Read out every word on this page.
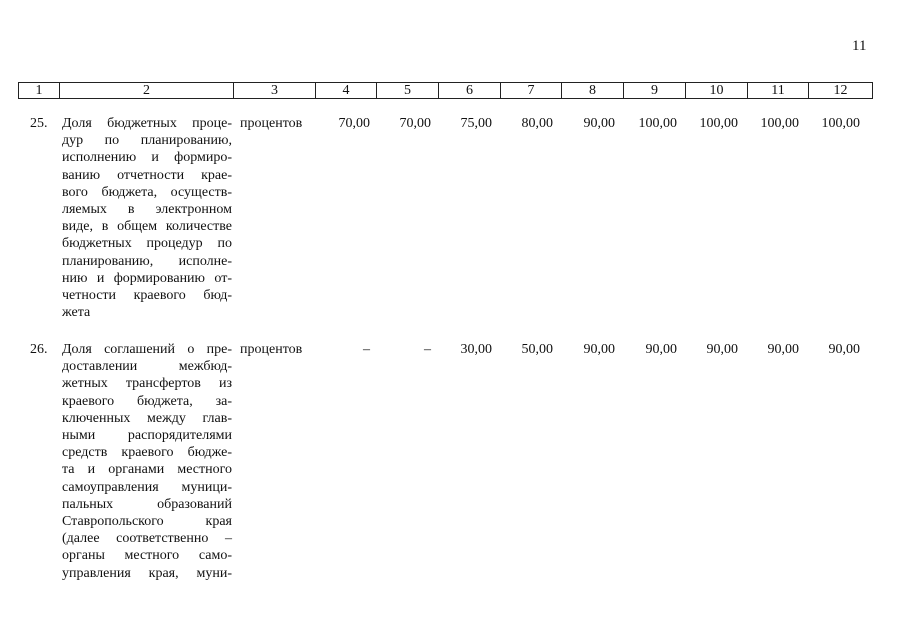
11
1	2	3	4	5	6	7	8	9	10	11	12
25.	Доля бюджетных проце-
дур по планированию,
исполнению и формиро-
ванию отчетности крае-
вого бюджета, осуществ-
ляемых в электронном
виде, в общем количестве
бюджетных процедур по
планированию, исполне-
нию и формированию от-
четности краевого бюд-
жета
процентов	70,00 70,00 75,00 80,00 90,00 100,00 100,00 100,00 100,00
26.	Доля соглашений о пре-
доставлении межбюд-
жетных трансфертов из
краевого бюджета, за-
ключенных между глав-
ными распорядителями
средств краевого бюдже-
та и органами местного
самоуправления муници-
пальных образований
Ставропольского края
(далее соответственно –
органы местного само-
управления края, муни-
процентов	–	– 30,00 50,00 90,00 90,00 90,00 90,00 90,00
